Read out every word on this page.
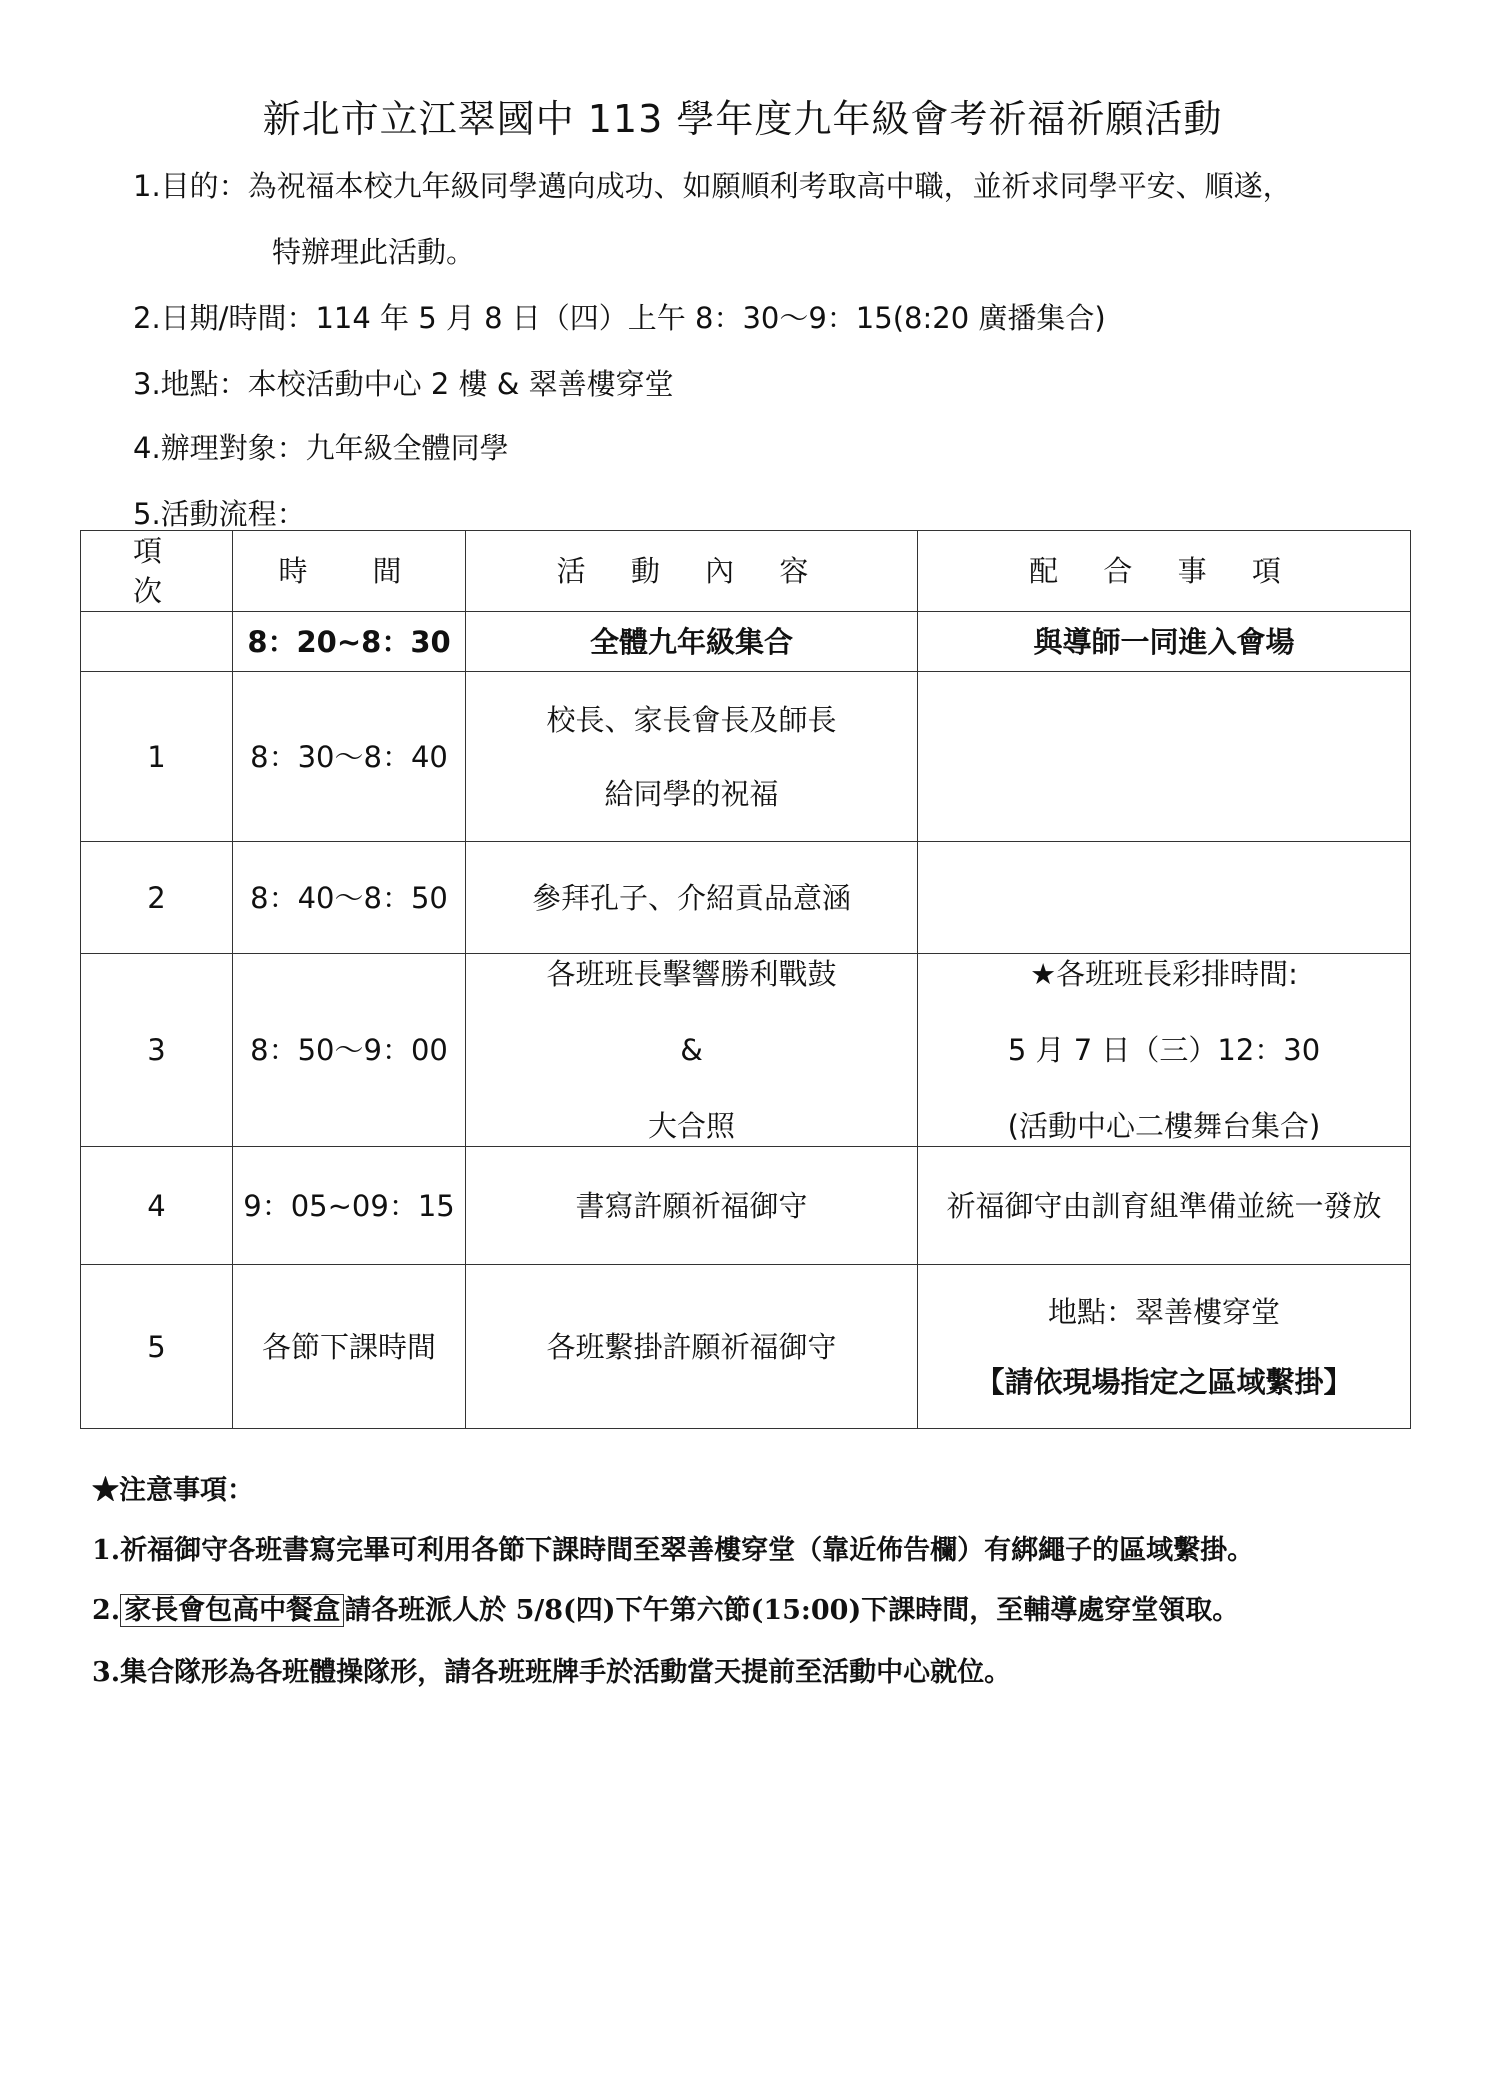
新北市立江翠國中 113 學年度九年級會考祈福祈願活動
1.目的：為祝福本校九年級同學邁向成功、如願順利考取高中職，並祈求同學平安、順遂，
特辦理此活動。
2.日期/時間：114 年 5 月 8 日（四）上午 8：30～9：15(8:20 廣播集合)
3.地點：本校活動中心 2 樓 & 翠善樓穿堂
4.辦理對象：九年級全體同學
5.活動流程：
項　次	時　間	活 動 內 容	配 合 事 項
	8：20~8：30	全體九年級集合	與導師一同進入會場
1	8：30～8：40	校長、家長會長及師長
給同學的祝福	

2	8：40～8：50	參拜孔子、介紹貢品意涵	

3	8：50～9：00	各班班長擊響勝利戰鼓
&
大合照	★各班班長彩排時間:
5 月 7 日（三）12：30
(活動中心二樓舞台集合)

4	9：05~09：15	書寫許願祈福御守	祈福御守由訓育組準備並統一發放

5	各節下課時間	各班繫掛許願祈福御守	地點：翠善樓穿堂
【請依現場指定之區域繫掛】
★注意事項：
1.祈福御守各班書寫完畢可利用各節下課時間至翠善樓穿堂（靠近佈告欄）有綁繩子的區域繫掛。
2. 家長會包高中餐盒 請各班派人於 5/8(四)下午第六節(15:00)下課時間，至輔導處穿堂領取。
3.集合隊形為各班體操隊形，請各班班牌手於活動當天提前至活動中心就位。
